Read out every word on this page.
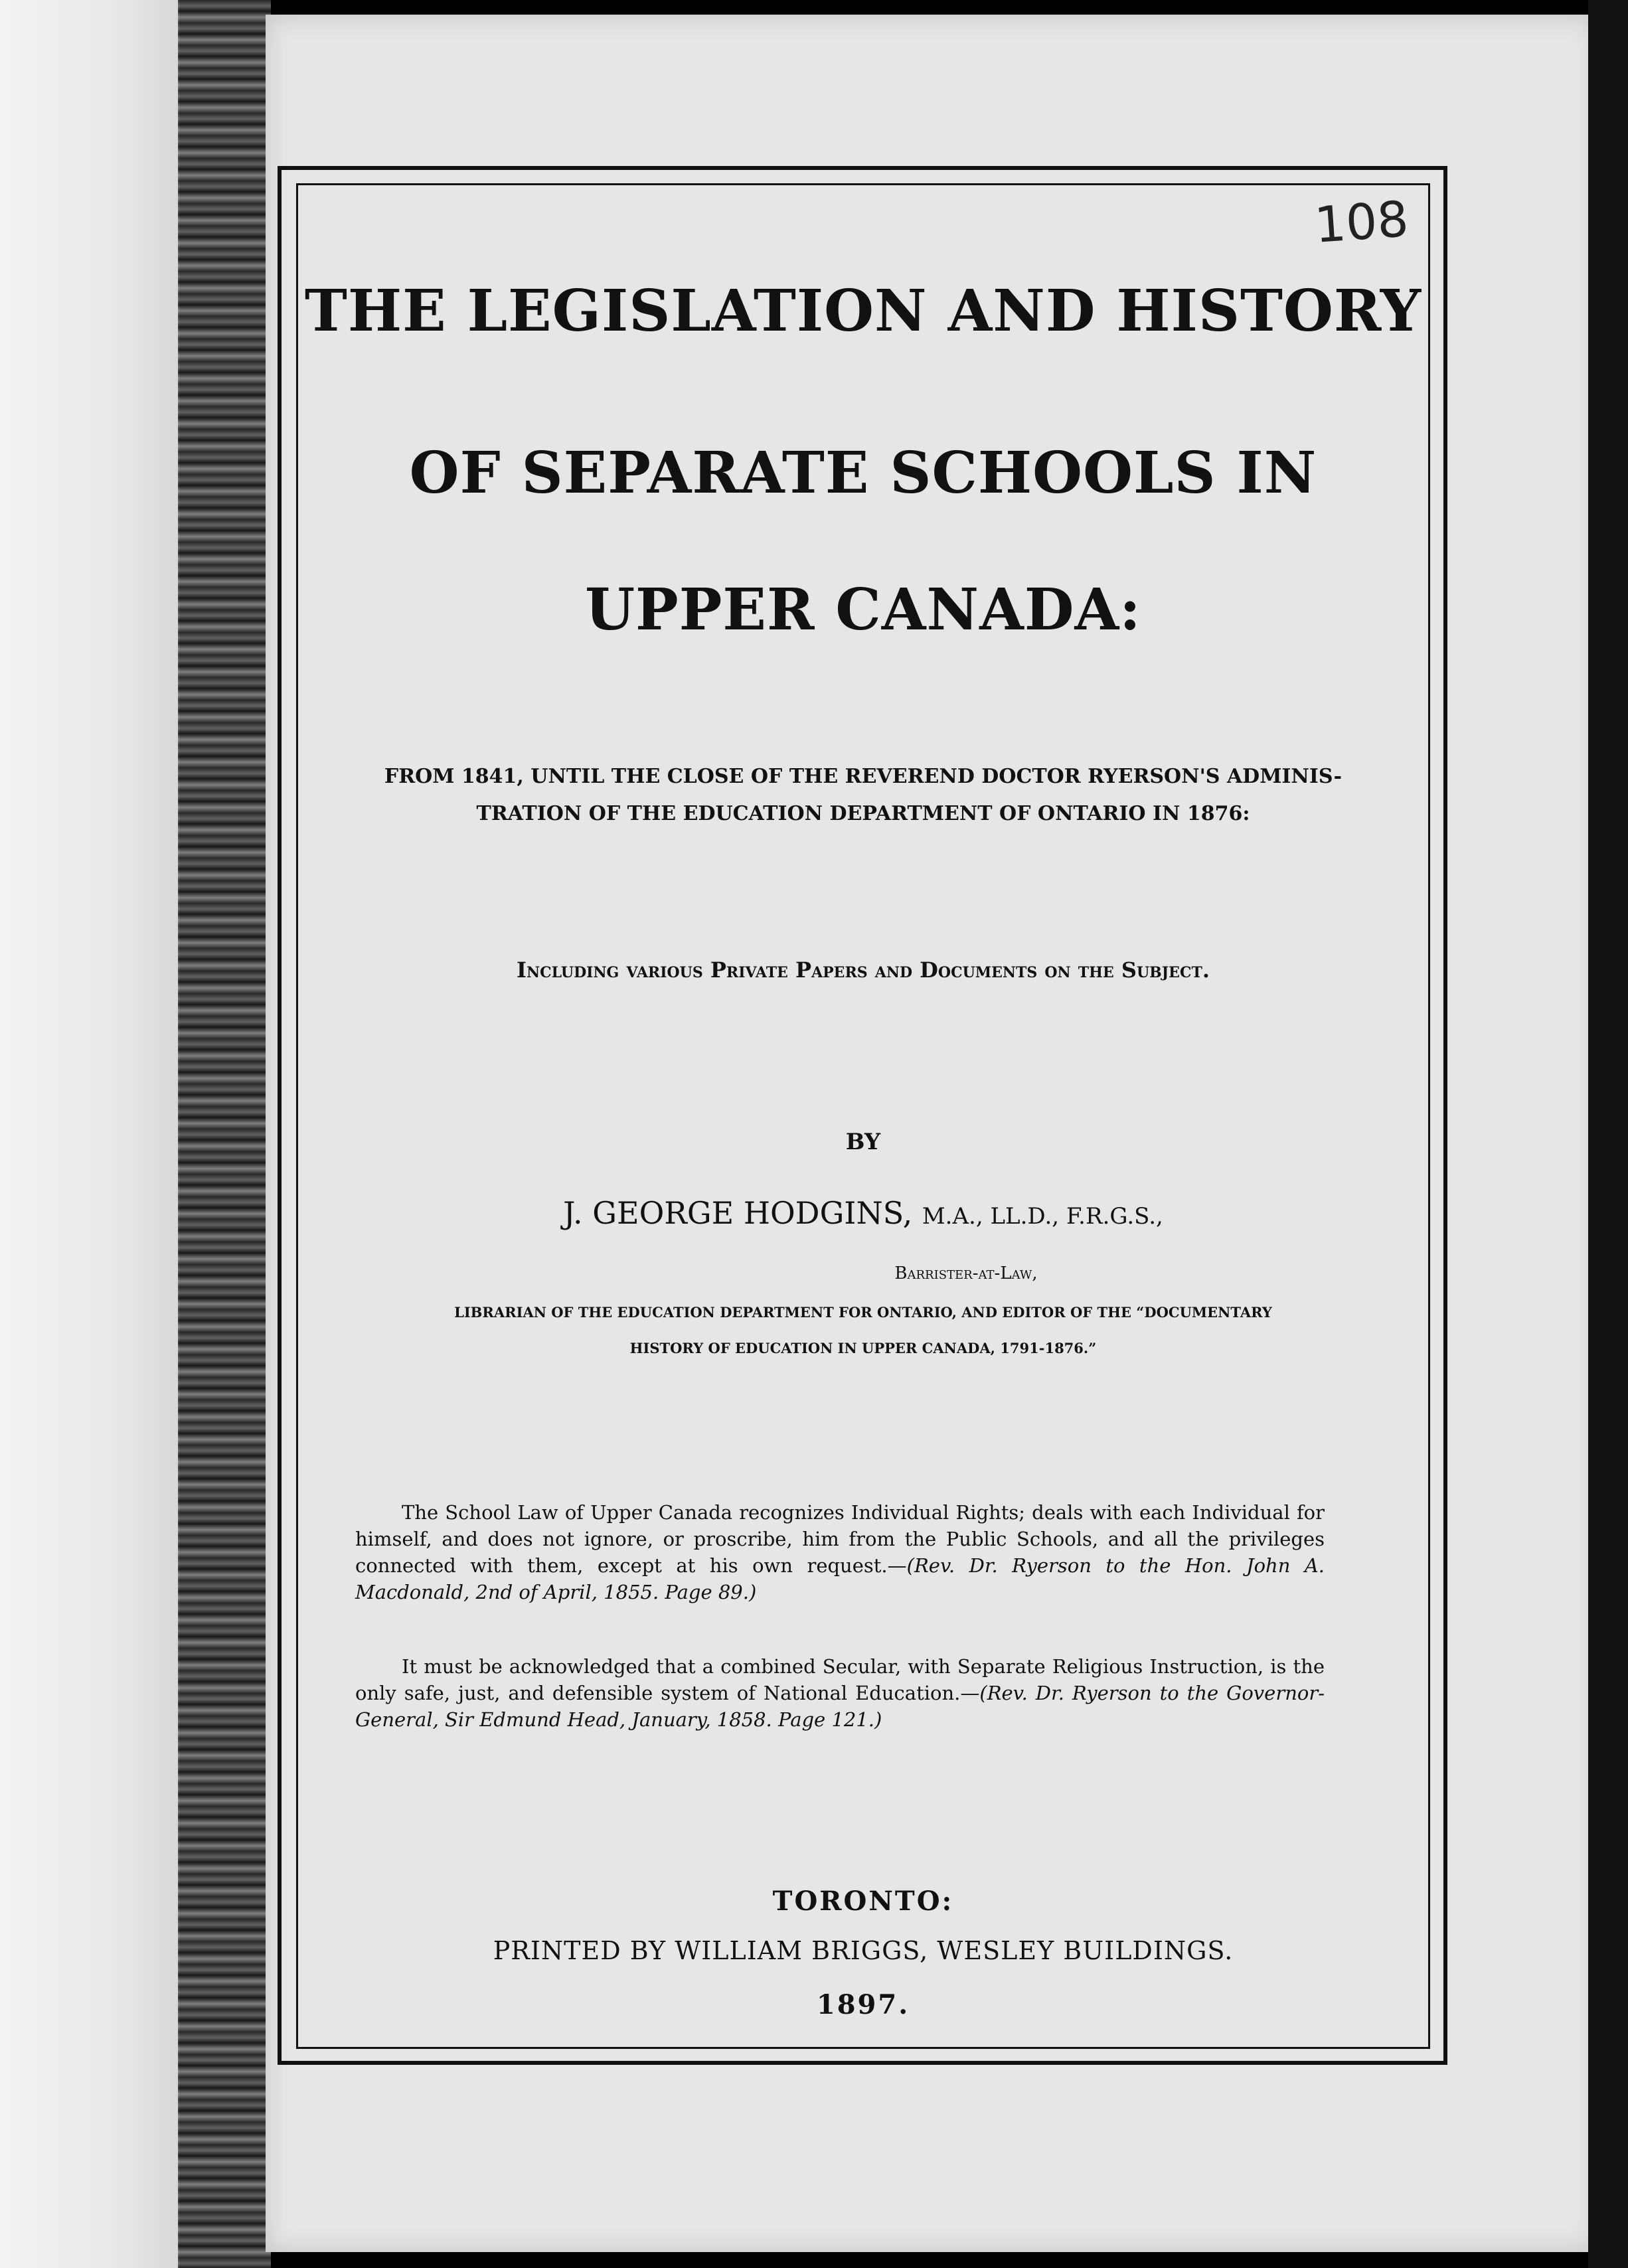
108
THE LEGISLATION AND HISTORY
OF SEPARATE SCHOOLS IN
UPPER CANADA:
FROM 1841, UNTIL THE CLOSE OF THE REVEREND DOCTOR RYERSON'S ADMINIS-
TRATION OF THE EDUCATION DEPARTMENT OF ONTARIO IN 1876:
Including various Private Papers and Documents on the Subject.
BY
J. GEORGE HODGINS, M.A., LL.D., F.R.G.S.,
Barrister-at-Law,
LIBRARIAN OF THE EDUCATION DEPARTMENT FOR ONTARIO, AND EDITOR OF THE “DOCUMENTARY
HISTORY OF EDUCATION IN UPPER CANADA, 1791-1876.”
The School Law of Upper Canada recognizes Individual Rights; deals with each Individual for himself, and does not ignore, or proscribe, him from the Public Schools, and all the privileges connected with them, except at his own request.—(Rev. Dr. Ryerson to the Hon. John A. Macdonald, 2nd of April, 1855. Page 89.)
It must be acknowledged that a combined Secular, with Separate Religious Instruction, is the only safe, just, and defensible system of National Education.—(Rev. Dr. Ryerson to the Governor-General, Sir Edmund Head, January, 1858. Page 121.)
TORONTO:
PRINTED BY WILLIAM BRIGGS, WESLEY BUILDINGS.
1897.
